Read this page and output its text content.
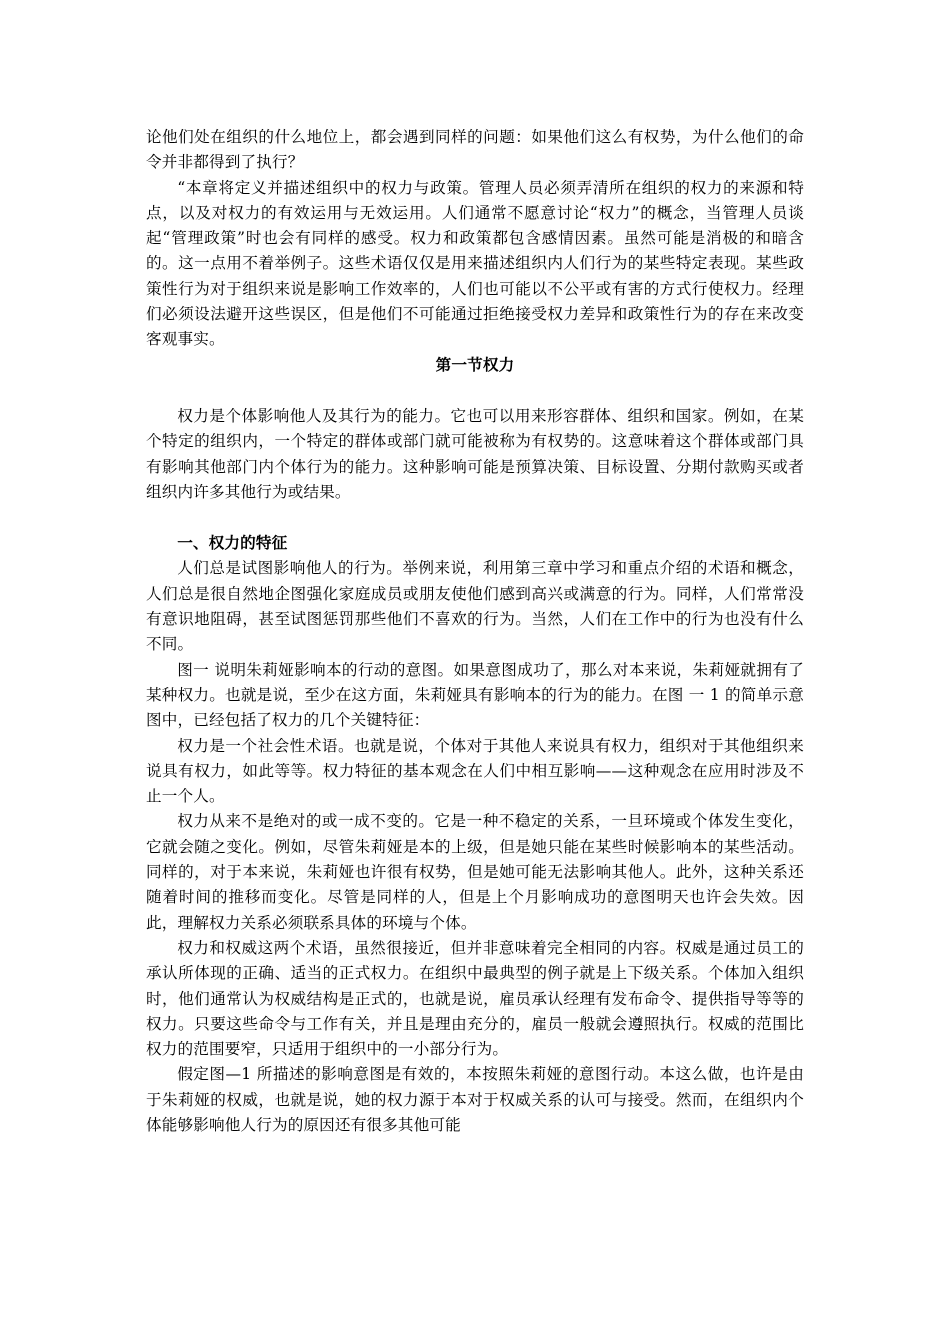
论他们处在组织的什么地位上，都会遇到同样的问题：如果他们这么有权势，为什么他们的命令并非都得到了执行？

“本章将定义并描述组织中的权力与政策。管理人员必须弄清所在组织的权力的来源和特点，以及对权力的有效运用与无效运用。人们通常不愿意讨论“权力”的概念，当管理人员谈起“管理政策”时也会有同样的感受。权力和政策都包含感情因素。虽然可能是消极的和暗含的。这一点用不着举例子。这些术语仅仅是用来描述组织内人们行为的某些特定表现。某些政策性行为对于组织来说是影响工作效率的，人们也可能以不公平或有害的方式行使权力。经理们必须设法避开这些误区，但是他们不可能通过拒绝接受权力差异和政策性行为的存在来改变客观事实。

第一节权力

权力是个体影响他人及其行为的能力。它也可以用来形容群体、组织和国家。例如，在某个特定的组织内，一个特定的群体或部门就可能被称为有权势的。这意味着这个群体或部门具有影响其他部门内个体行为的能力。这种影响可能是预算决策、目标设置、分期付款购买或者组织内许多其他行为或结果。

一、权力的特征

人们总是试图影响他人的行为。举例来说，利用第三章中学习和重点介绍的术语和概念，人们总是很自然地企图强化家庭成员或朋友使他们感到高兴或满意的行为。同样，人们常常没有意识地阻碍，甚至试图惩罚那些他们不喜欢的行为。当然，人们在工作中的行为也没有什么不同。

图一 说明朱莉娅影响本的行动的意图。如果意图成功了，那么对本来说，朱莉娅就拥有了某种权力。也就是说，至少在这方面，朱莉娅具有影响本的行为的能力。在图 一 1 的简单示意图中，已经包括了权力的几个关键特征：

权力是一个社会性术语。也就是说，个体对于其他人来说具有权力，组织对于其他组织来说具有权力，如此等等。权力特征的基本观念在人们中相互影响——这种观念在应用时涉及不止一个人。

权力从来不是绝对的或一成不变的。它是一种不稳定的关系，一旦环境或个体发生变化，它就会随之变化。例如，尽管朱莉娅是本的上级，但是她只能在某些时候影响本的某些活动。同样的，对于本来说，朱莉娅也许很有权势，但是她可能无法影响其他人。此外，这种关系还随着时间的推移而变化。尽管是同样的人，但是上个月影响成功的意图明天也许会失效。因此，理解权力关系必须联系具体的环境与个体。

权力和权威这两个术语，虽然很接近，但并非意味着完全相同的内容。权威是通过员工的承认所体现的正确、适当的正式权力。在组织中最典型的例子就是上下级关系。个体加入组织时，他们通常认为权威结构是正式的，也就是说，雇员承认经理有发布命令、提供指导等等的权力。只要这些命令与工作有关，并且是理由充分的，雇员一般就会遵照执行。权威的范围比权力的范围要窄，只适用于组织中的一小部分行为。

假定图—1 所描述的影响意图是有效的，本按照朱莉娅的意图行动。本这么做，也许是由于朱莉娅的权威，也就是说，她的权力源于本对于权威关系的认可与接受。然而，在组织内个体能够影响他人行为的原因还有很多其他可能
